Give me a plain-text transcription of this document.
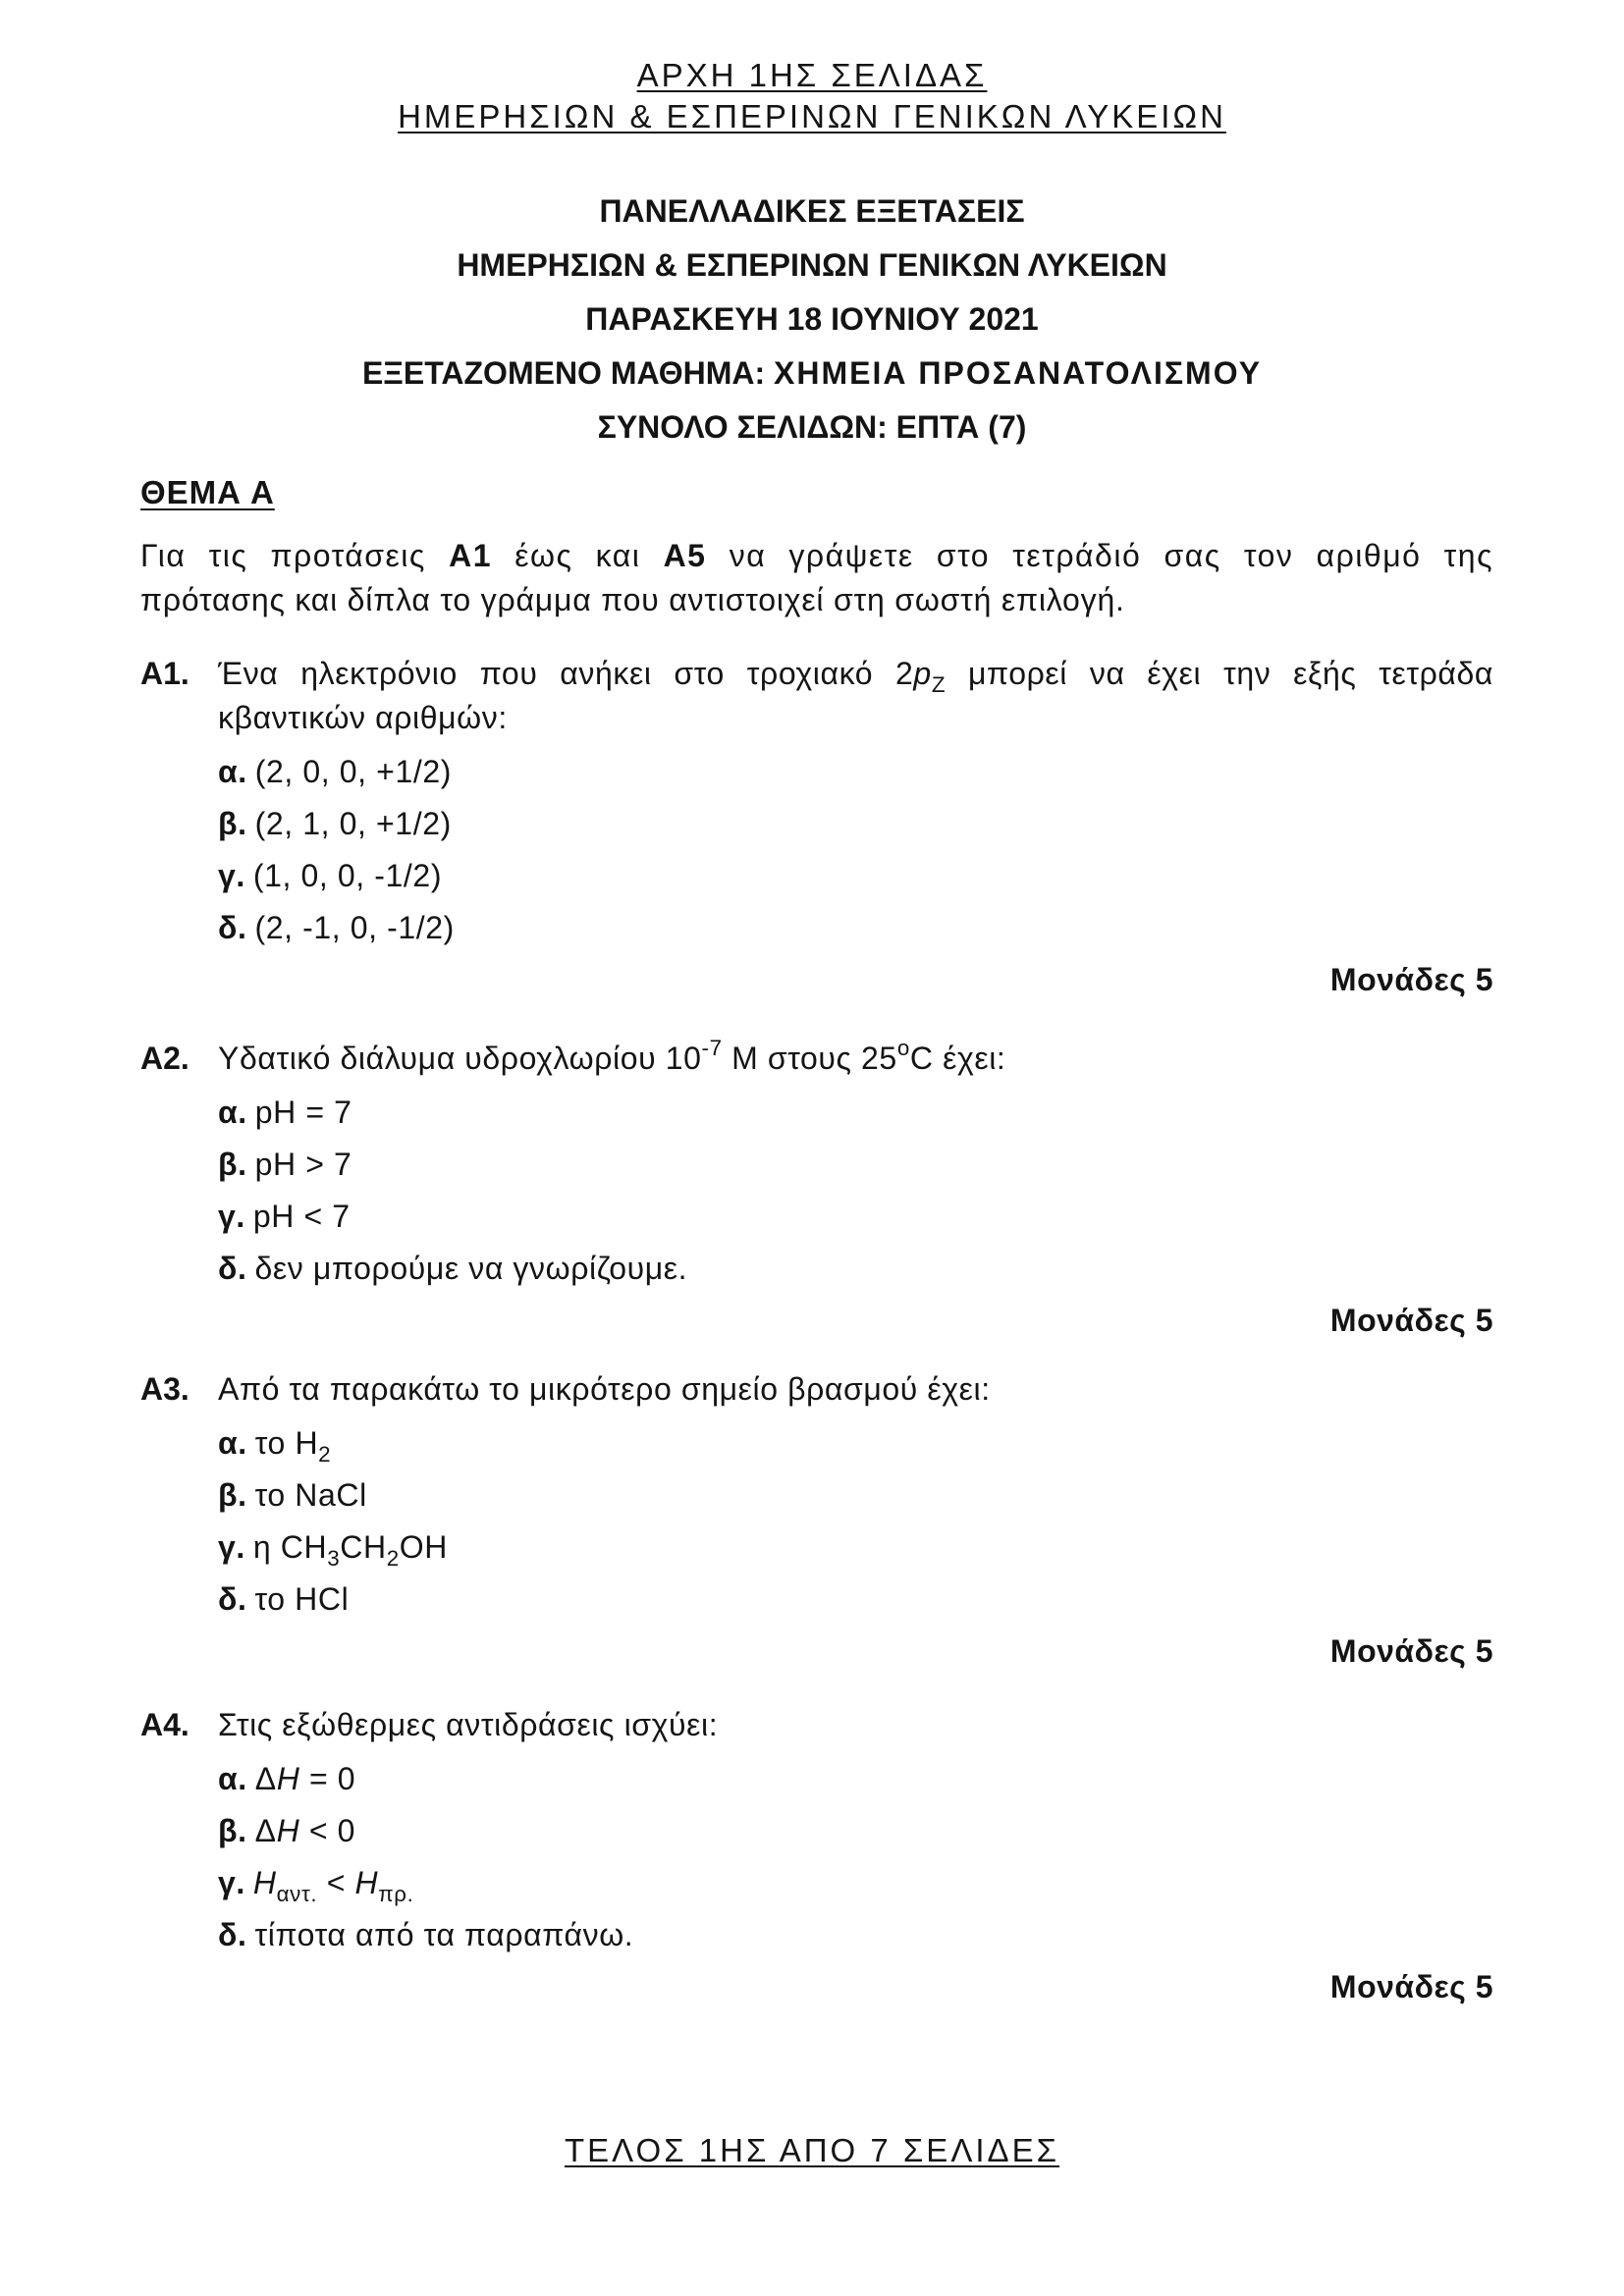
ΑΡΧΗ 1ΗΣ ΣΕΛΙΔΑΣ
ΗΜΕΡΗΣΙΩΝ & ΕΣΠΕΡΙΝΩΝ ΓΕΝΙΚΩΝ ΛΥΚΕΙΩΝ
ΠΑΝΕΛΛΑΔΙΚΕΣ ΕΞΕΤΑΣΕΙΣ
ΗΜΕΡΗΣΙΩΝ & ΕΣΠΕΡΙΝΩΝ ΓΕΝΙΚΩΝ ΛΥΚΕΙΩΝ
ΠΑΡΑΣΚΕΥΗ 18 ΙΟΥΝΙΟΥ 2021
ΕΞΕΤΑΖΟΜΕΝΟ ΜΑΘΗΜΑ: ΧΗΜΕΙΑ ΠΡΟΣΑΝΑΤΟΛΙΣΜΟΥ
ΣΥΝΟΛΟ ΣΕΛΙΔΩΝ: ΕΠΤΑ (7)
ΘΕΜΑ Α
Για τις προτάσεις Α1 έως και Α5 να γράψετε στο τετράδιό σας τον αριθμό της
πρότασης και δίπλα το γράμμα που αντιστοιχεί στη σωστή επιλογή.
Α1. Ένα ηλεκτρόνιο που ανήκει στο τροχιακό $2p_Z$ μπορεί να έχει την εξής τετράδα
κβαντικών αριθμών:
α. (2, 0, 0, +1/2)
β. (2, 1, 0, +1/2)
γ. (1, 0, 0, -1/2)
δ. (2, -1, 0, -1/2)
Μονάδες 5
Α2. Υδατικό διάλυμα υδροχλωρίου $10^{-7}$ M στους 25$^o$C έχει:
α. pH = 7
β. pH > 7
γ. pH < 7
δ. δεν μπορούμε να γνωρίζουμε.
Μονάδες 5
Α3. Από τα παρακάτω το μικρότερο σημείο βρασμού έχει:
α. το $H_2$
β. το NaCl
γ. η $CH_3CH_2OH$
δ. το HCl
Μονάδες 5
Α4. Στις εξώθερμες αντιδράσεις ισχύει:
α. ΔH = 0
β. ΔH < 0
γ. $H_{\alpha\nu\tau.} < H_{\pi\rho.}$
δ. τίποτα από τα παραπάνω.
Μονάδες 5
ΤΕΛΟΣ 1ΗΣ ΑΠΟ 7 ΣΕΛΙΔΕΣ
